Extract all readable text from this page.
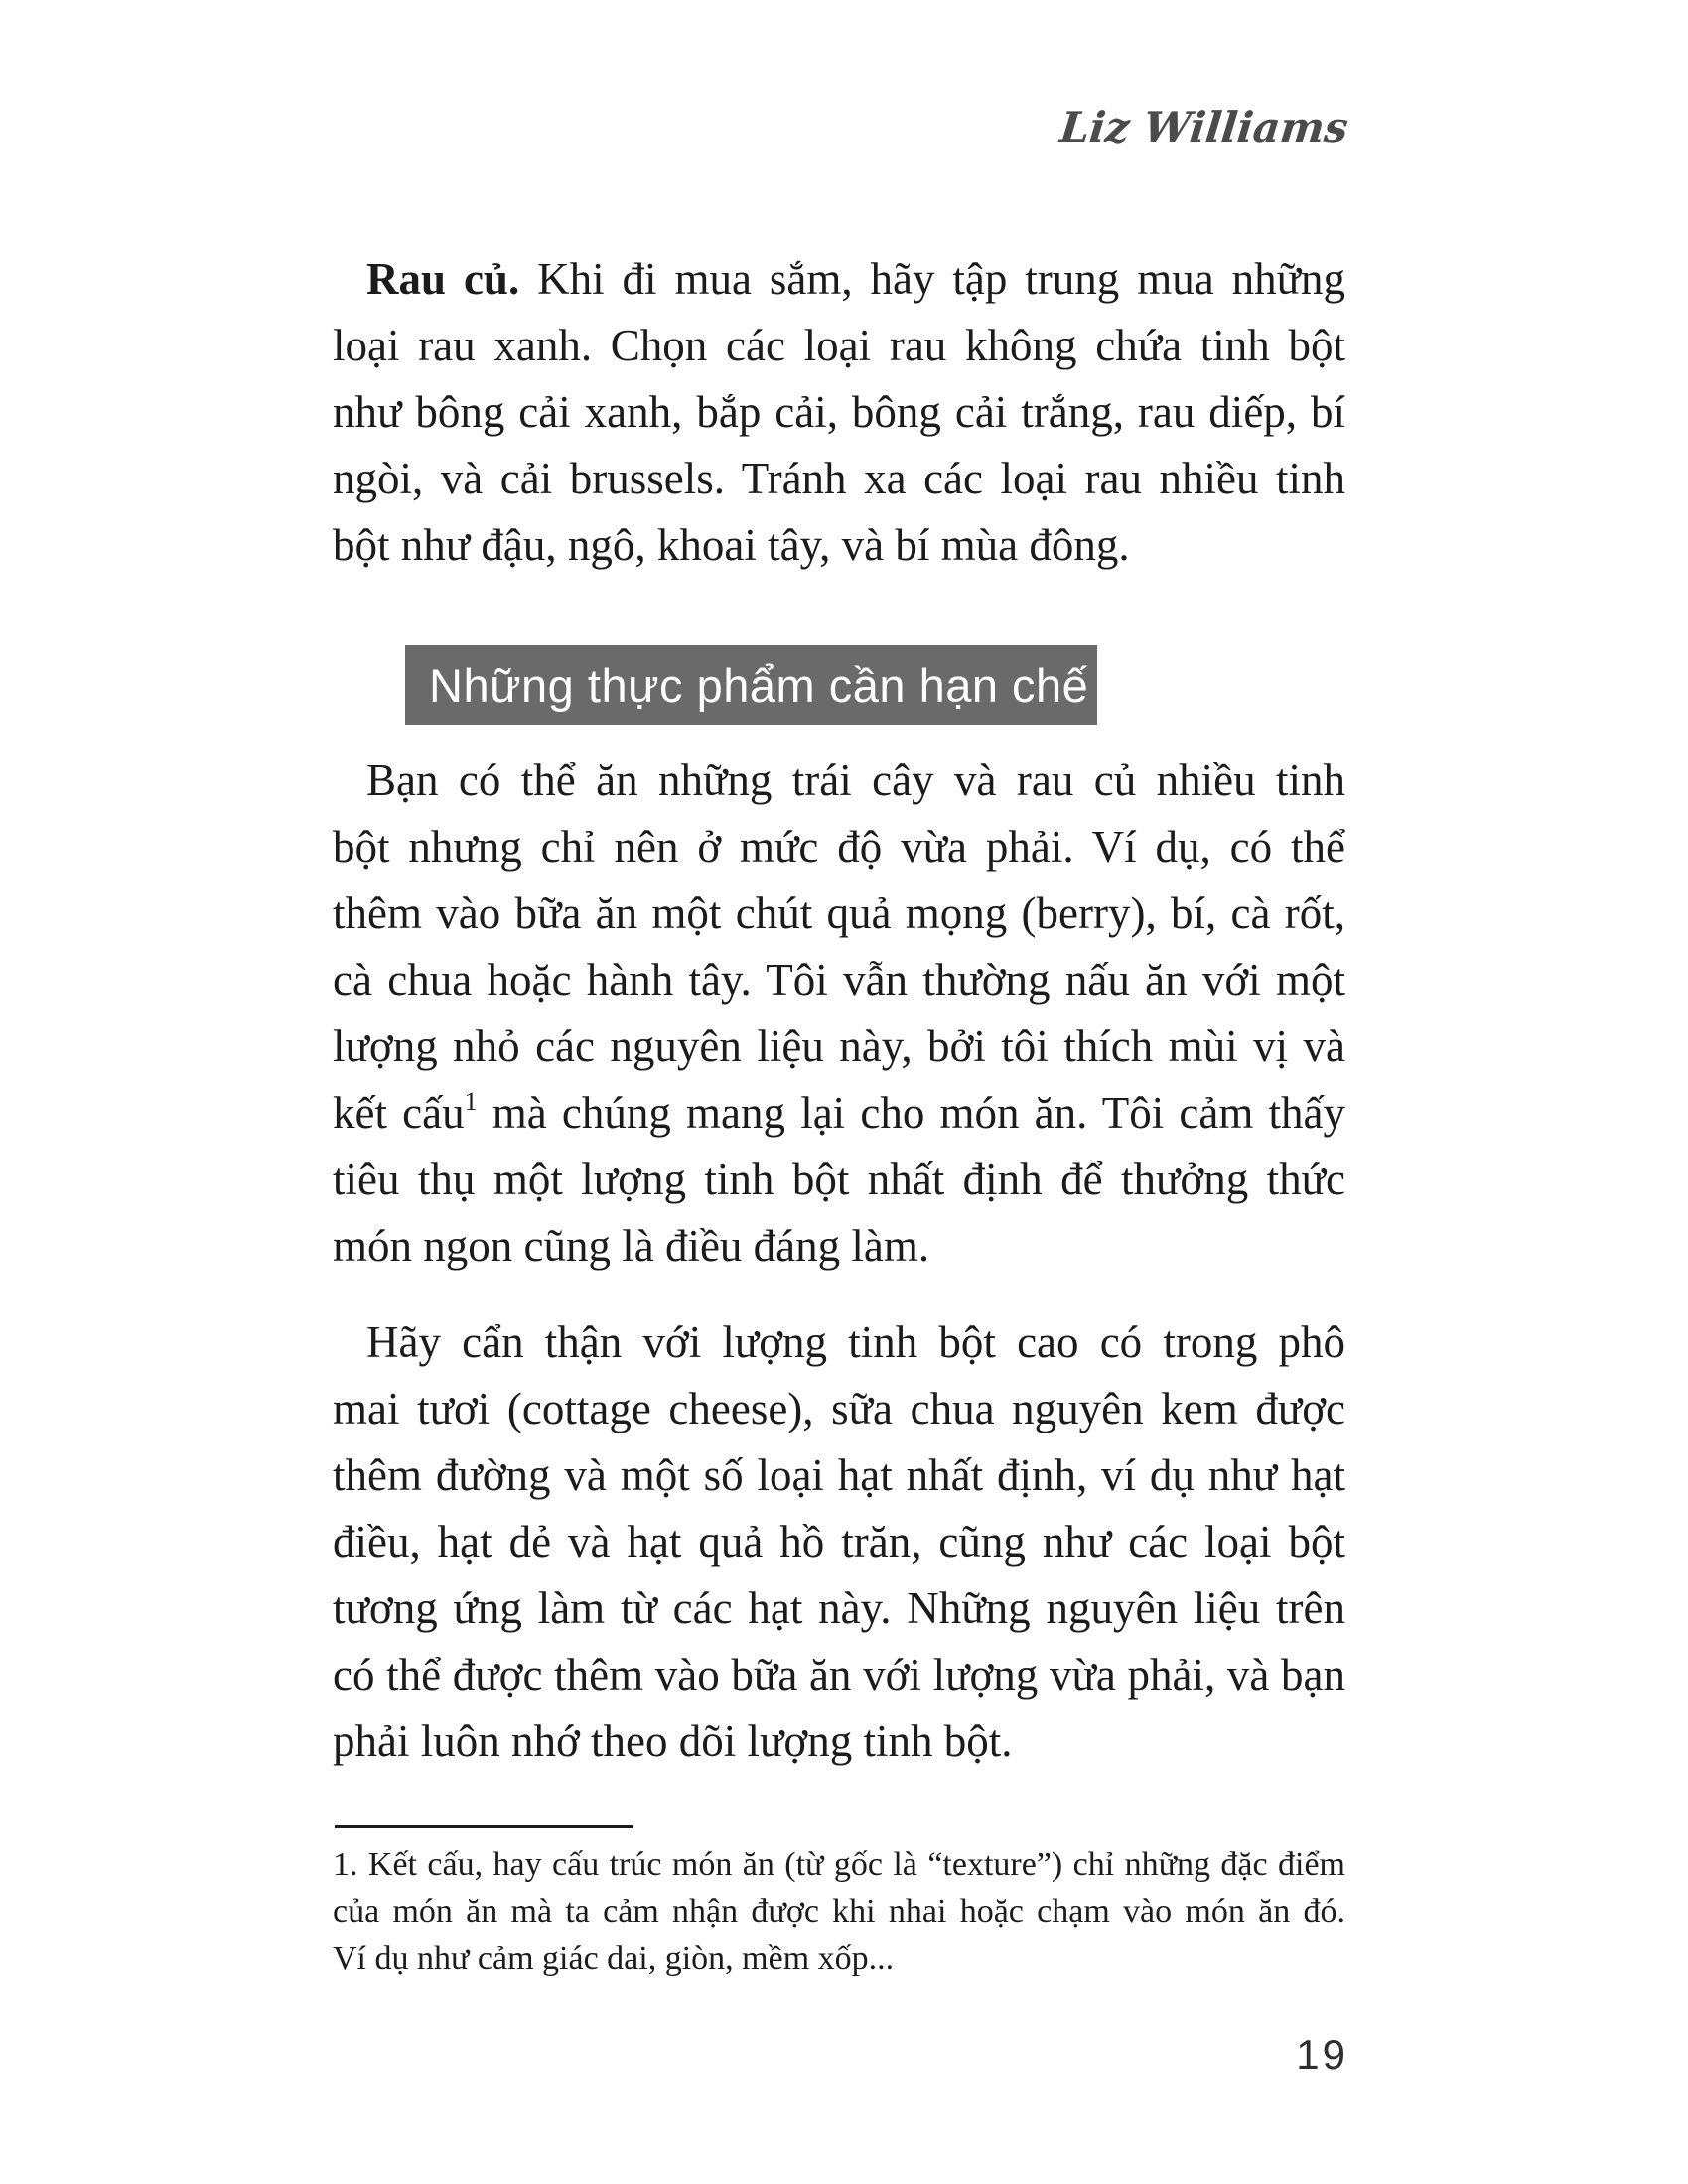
Liz Williams
Rau củ. Khi đi mua sắm, hãy tập trung mua những
loại rau xanh. Chọn các loại rau không chứa tinh bột
như bông cải xanh, bắp cải, bông cải trắng, rau diếp, bí
ngòi, và cải brussels. Tránh xa các loại rau nhiều tinh
bột như đậu, ngô, khoai tây, và bí mùa đông.
Những thực phẩm cần hạn chế
Bạn có thể ăn những trái cây và rau củ nhiều tinh
bột nhưng chỉ nên ở mức độ vừa phải. Ví dụ, có thể
thêm vào bữa ăn một chút quả mọng (berry), bí, cà rốt,
cà chua hoặc hành tây. Tôi vẫn thường nấu ăn với một
lượng nhỏ các nguyên liệu này, bởi tôi thích mùi vị và
kết cấu$^1$ mà chúng mang lại cho món ăn. Tôi cảm thấy
tiêu thụ một lượng tinh bột nhất định để thưởng thức
món ngon cũng là điều đáng làm.
Hãy cẩn thận với lượng tinh bột cao có trong phô
mai tươi (cottage cheese), sữa chua nguyên kem được
thêm đường và một số loại hạt nhất định, ví dụ như hạt
điều, hạt dẻ và hạt quả hồ trăn, cũng như các loại bột
tương ứng làm từ các hạt này. Những nguyên liệu trên
có thể được thêm vào bữa ăn với lượng vừa phải, và bạn
phải luôn nhớ theo dõi lượng tinh bột.
1. Kết cấu, hay cấu trúc món ăn (từ gốc là “texture”) chỉ những đặc điểm
của món ăn mà ta cảm nhận được khi nhai hoặc chạm vào món ăn đó.
Ví dụ như cảm giác dai, giòn, mềm xốp...
19
